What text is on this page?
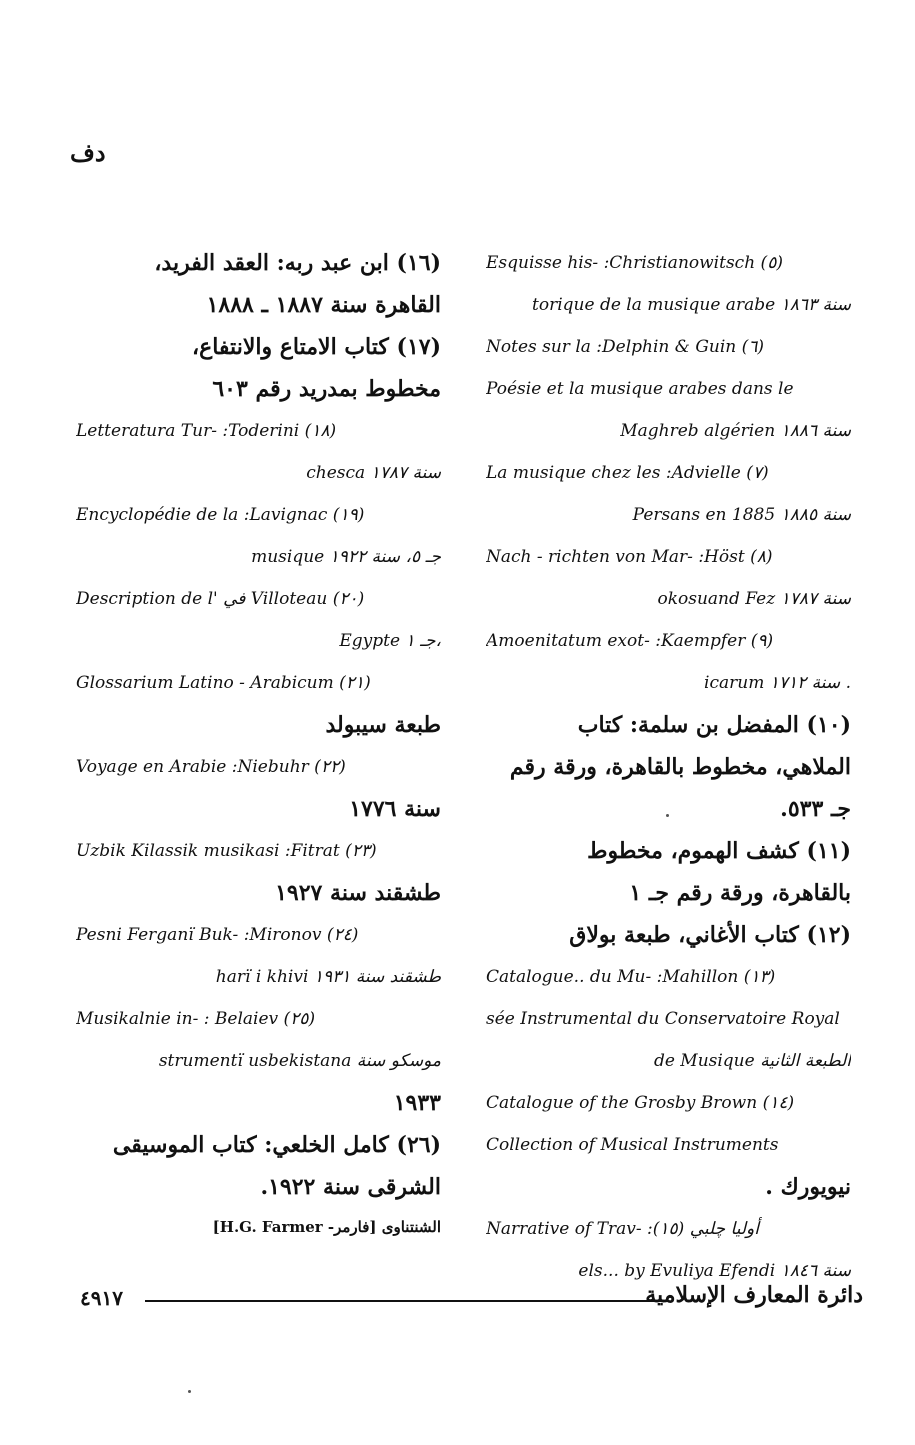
دف
Esquisse his- :Christianowitsch (٥)
torique de la musique arabe سنة ١٨٦٣
Notes sur la :Delphin & Guin (٦)
Poésie et la musique arabes dans le
Maghreb algérien سنة ١٨٨٦
La musique chez les :Advielle (٧)
Persans en 1885 سنة ١٨٨٥
Nach - richten von Mar- :Höst (٨)
okosuand Fez سنة ١٧٨٧
Amoenitatum exot- :Kaempfer (٩)
icarum سنة ١٧١٢ .
(١٠) المفضل بن سلمة: كتاب
الملاهي، مخطوط بالقاهرة، ورقة رقم
جـ ٥٣٣.
(١١) كشف الهموم، مخطوط
بالقاهرة، ورقة رقم جـ ١
(١٢) كتاب الأغاني، طبعة بولاق
Catalogue.. du Mu- :Mahillon (١٣)
sée Instrumental du Conservatoire Royal
de Musique الطبعة الثانية
Catalogue of the Grosby Brown (١٤)
Collection of Musical Instruments
نيويورك .
Narrative of Trav- :أوليا چلبي (١٥)
els... by Evuliya Efendi سنة ١٨٤٦
(١٦) ابن عبد ربه: العقد الفريد،
القاهرة سنة ١٨٨٧ ـ ١٨٨٨
(١٧) كتاب الامتاع والانتفاع،
مخطوط بمدريد رقم ٦٠٣
Letteratura Tur- :Toderini (١٨)
chesca سنة ١٧٨٧
Encyclopédie de la :Lavignac (١٩)
musique جـ ٥، سنة ١٩٢٢
Description de l' في Villoteau (٢٠)
Egypte جـ ١،
Glossarium Latino - Arabicum (٢١)
طبعة سيبولد
Voyage en Arabie :Niebuhr (٢٢)
سنة ١٧٧٦
Uzbik Kilassik musikasi :Fitrat (٢٣)
طشقند سنة ١٩٢٧
Pesni Ferganï Buk- :Mironov (٢٤)
harï i khivi طشقند سنة ١٩٣١
Musikalnie in- : Belaiev (٢٥)
strumentï usbekistana موسكو سنة
١٩٣٣
(٢٦) كامل الخلعي: كتاب الموسيقى
الشرقى سنة ١٩٢٢.
الشنتناوى [فارمر- H.G. Farmer]
٤٩١٧	دائرة المعارف الإسلامية
